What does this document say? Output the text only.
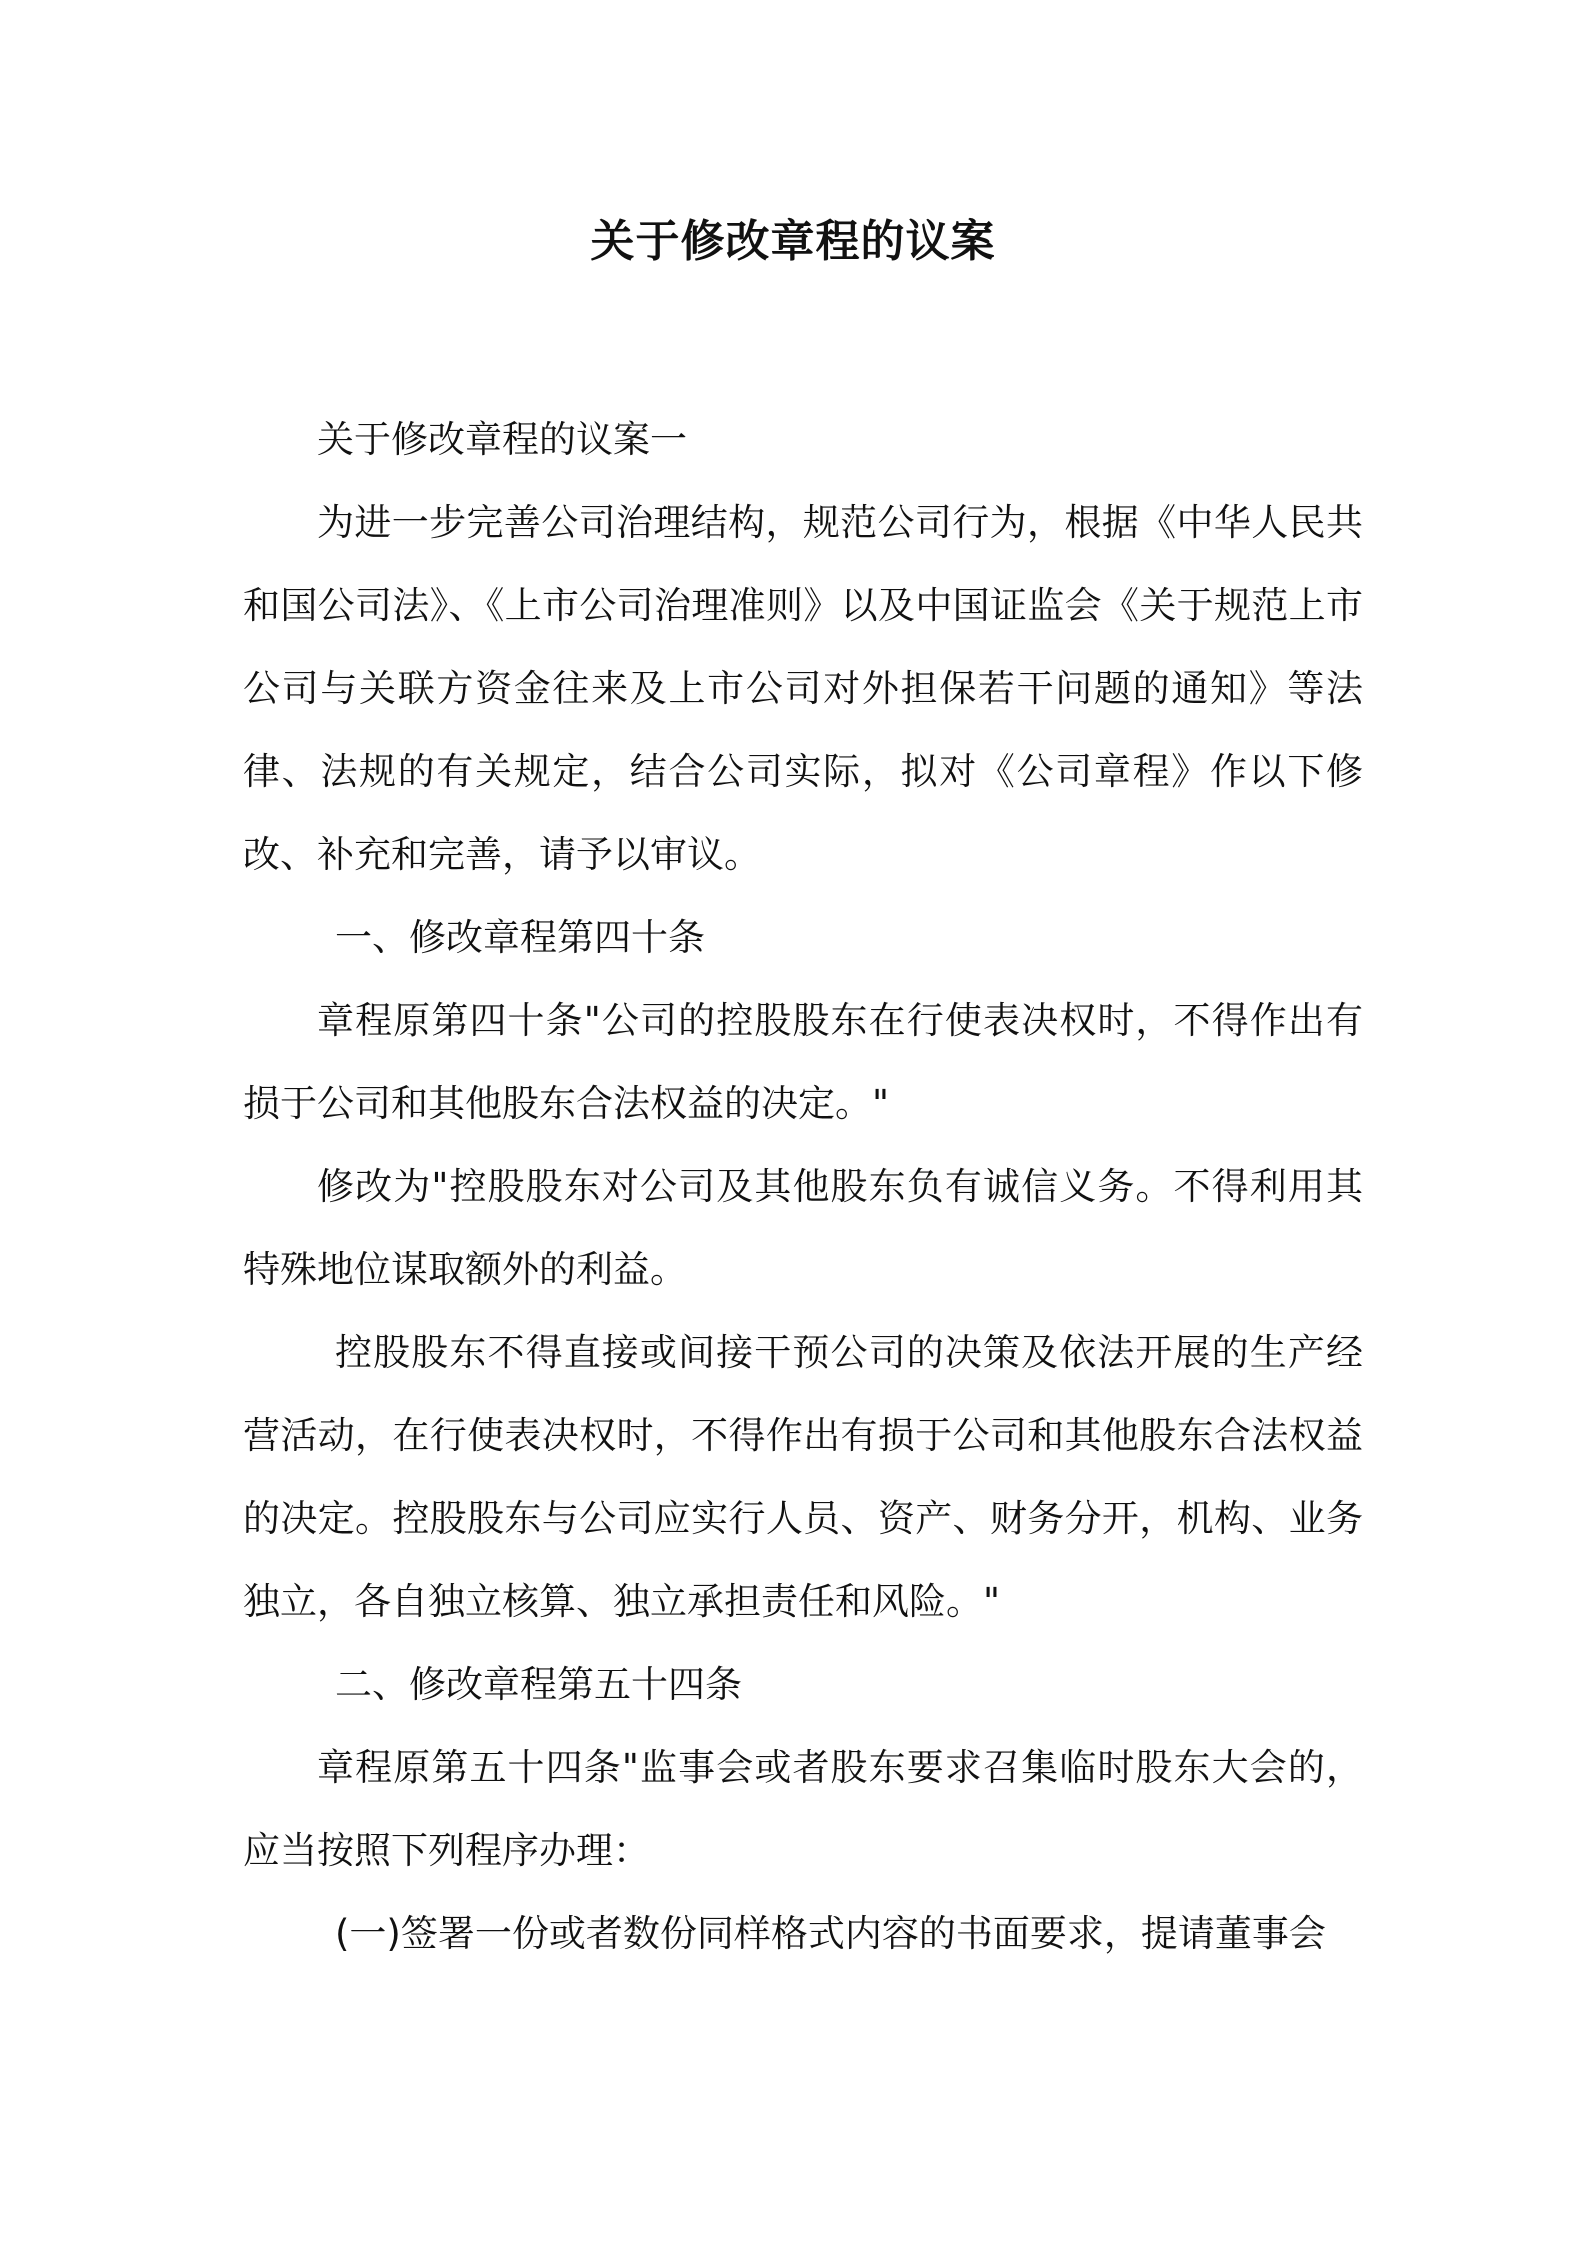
关于修改章程的议案

关于修改章程的议案一

为进一步完善公司治理结构，规范公司行为，根据《中华人民共和国公司法》、《上市公司治理准则》以及中国证监会《关于规范上市公司与关联方资金往来及上市公司对外担保若干问题的通知》等法律、法规的有关规定，结合公司实际，拟对《公司章程》作以下修改、补充和完善，请予以审议。

一、修改章程第四十条

章程原第四十条"公司的控股股东在行使表决权时，不得作出有损于公司和其他股东合法权益的决定。"

修改为"控股股东对公司及其他股东负有诚信义务。不得利用其特殊地位谋取额外的利益。

控股股东不得直接或间接干预公司的决策及依法开展的生产经营活动，在行使表决权时，不得作出有损于公司和其他股东合法权益的决定。控股股东与公司应实行人员、资产、财务分开，机构、业务独立，各自独立核算、独立承担责任和风险。"

二、修改章程第五十四条

章程原第五十四条"监事会或者股东要求召集临时股东大会的，应当按照下列程序办理：

(一)签署一份或者数份同样格式内容的书面要求，提请董事会
